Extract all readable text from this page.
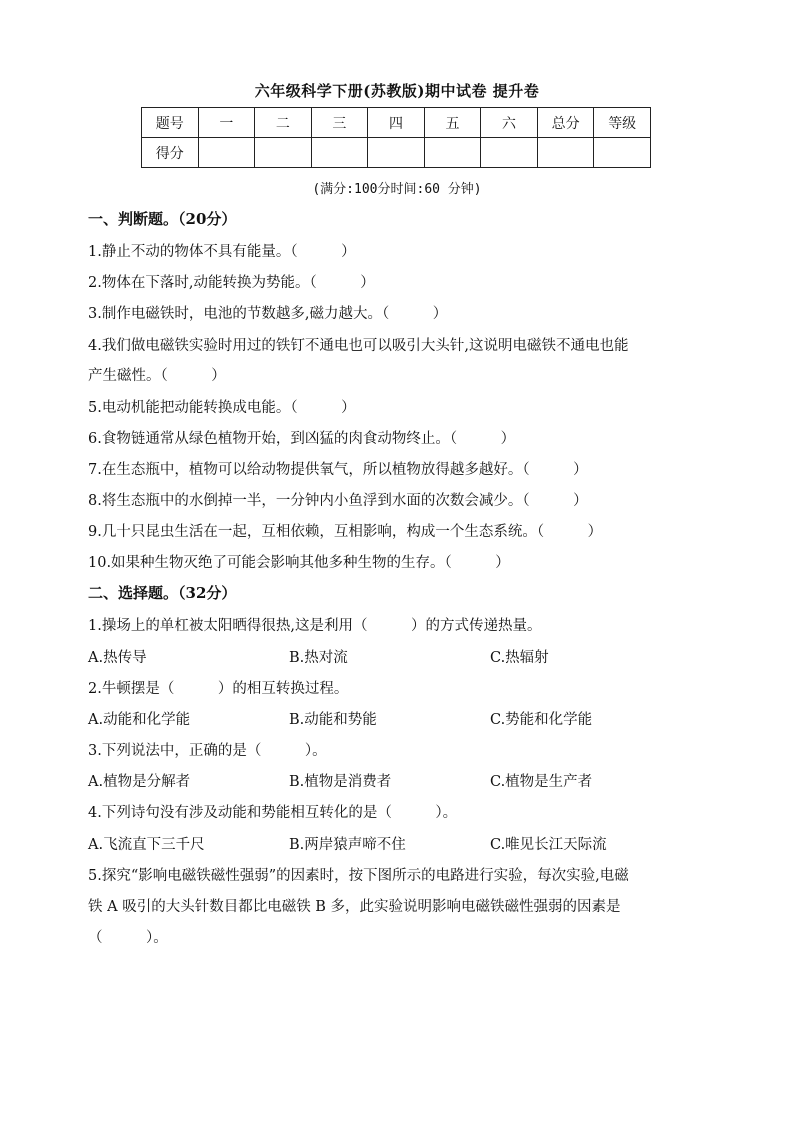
六年级科学下册(苏教版)期中试卷 提升卷
题号	一	二	三	四	五	六	总分	等级
得分								
(满分:100分时间:60 分钟)
一、判断题。（20分）
1.静止不动的物体不具有能量。（　　　）
2.物体在下落时,动能转换为势能。（　　　）
3.制作电磁铁时，电池的节数越多,磁力越大。（　　　）
4.我们做电磁铁实验时用过的铁钉不通电也可以吸引大头针,这说明电磁铁不通电也能
产生磁性。（　　　）
5.电动机能把动能转换成电能。（　　　）
6.食物链通常从绿色植物开始，到凶猛的肉食动物终止。（　　　）
7.在生态瓶中，植物可以给动物提供氧气，所以植物放得越多越好。（　　　）
8.将生态瓶中的水倒掉一半，一分钟内小鱼浮到水面的次数会减少。（　　　）
9.几十只昆虫生活在一起，互相依赖，互相影响，构成一个生态系统。（　　　）
10.如果种生物灭绝了可能会影响其他多种生物的生存。（　　　）
二、选择题。（32分）
1.操场上的单杠被太阳晒得很热,这是利用（　　　）的方式传递热量。
A.热传导	B.热对流	C.热辐射
2.牛顿摆是（　　　）的相互转换过程。
A.动能和化学能	B.动能和势能	C.势能和化学能
3.下列说法中，正确的是（　　　）。
A.植物是分解者	B.植物是消费者	C.植物是生产者
4.下列诗句没有涉及动能和势能相互转化的是（　　　）。
A.飞流直下三千尺	B.两岸猿声啼不住	C.唯见长江天际流
5.探究“影响电磁铁磁性强弱”的因素时，按下图所示的电路进行实验，每次实验,电磁
铁 A 吸引的大头针数目都比电磁铁 B 多，此实验说明影响电磁铁磁性强弱的因素是
（　　　）。
